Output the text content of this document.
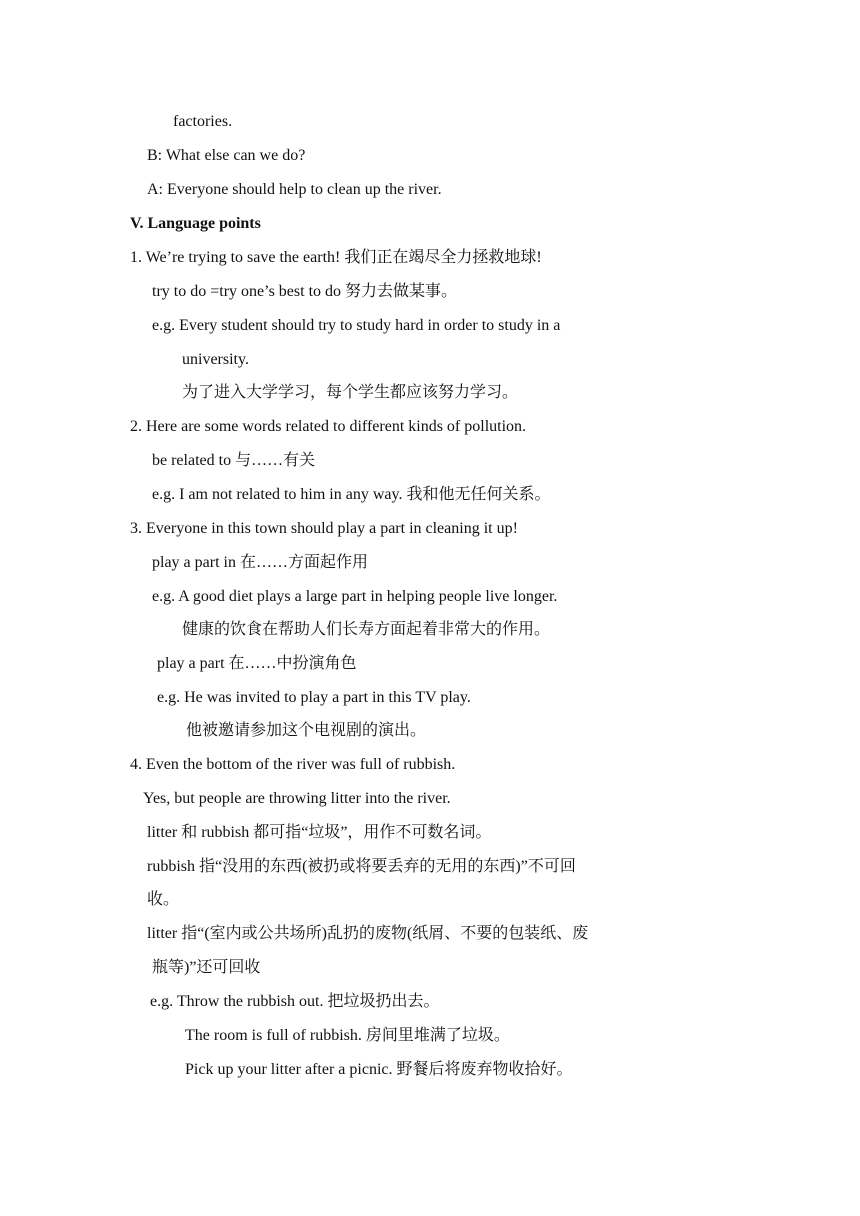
factories.
B: What else can we do?
A: Everyone should help to clean up the river.
V. Language points
1. We’re trying to save the earth! 我们正在竭尽全力拯救地球!
try to do =try one’s best to do 努力去做某事。
e.g. Every student should try to study hard in order to study in a
university.
为了进入大学学习，每个学生都应该努力学习。
2. Here are some words related to different kinds of pollution.
be related to 与……有关
e.g. I am not related to him in any way. 我和他无任何关系。
3. Everyone in this town should play a part in cleaning it up!
play a part in 在……方面起作用
e.g. A good diet plays a large part in helping people live longer.
健康的饮食在帮助人们长寿方面起着非常大的作用。
play a part 在……中扮演角色
e.g. He was invited to play a part in this TV play.
他被邀请参加这个电视剧的演出。
4. Even the bottom of the river was full of rubbish.
Yes, but people are throwing litter into the river.
litter 和 rubbish 都可指“垃圾”，用作不可数名词。
rubbish 指“没用的东西(被扔或将要丢弃的无用的东西)”不可回
收。
litter 指“(室内或公共场所)乱扔的废物(纸屑、不要的包装纸、废
瓶等)”还可回收
e.g. Throw the rubbish out. 把垃圾扔出去。
The room is full of rubbish. 房间里堆满了垃圾。
Pick up your litter after a picnic. 野餐后将废弃物收拾好。
